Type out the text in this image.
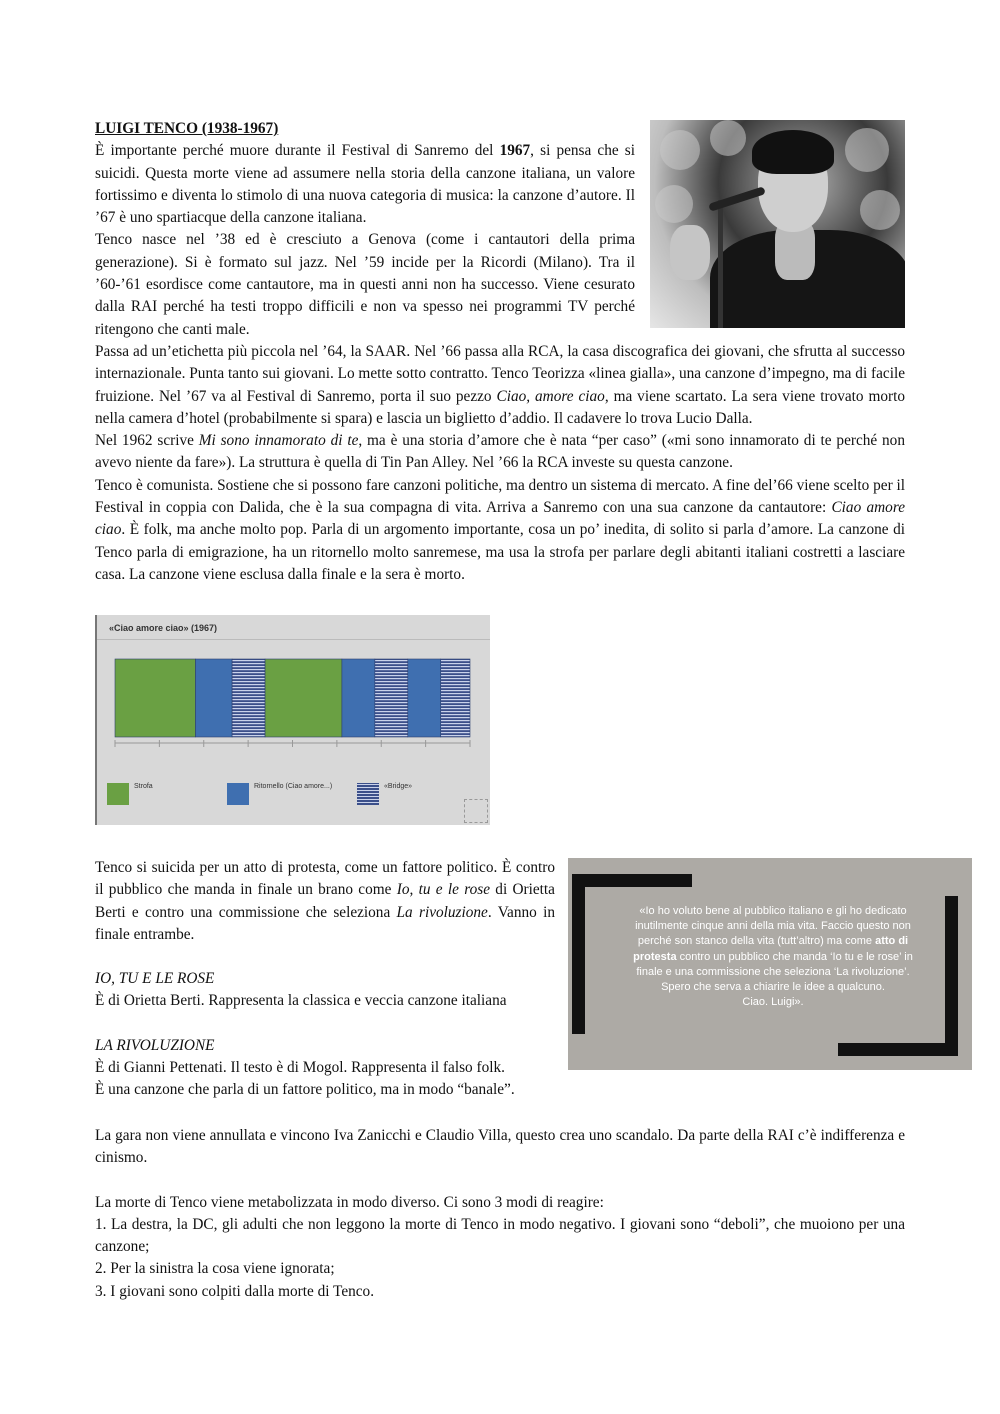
LUIGI TENCO (1938-1967)

È importante perché muore durante il Festival di Sanremo del 1967, si pensa che si suicidi. Questa morte viene ad assumere nella storia della canzone italiana, un valore fortissimo e diventa lo stimolo di una nuova categoria di musica: la canzone d’autore. Il ’67 è uno spartiacque della canzone italiana.

Tenco nasce nel ’38 ed è cresciuto a Genova (come i cantautori della prima generazione). Si è formato sul jazz. Nel ’59 incide per la Ricordi (Milano). Tra il ’60-’61 esordisce come cantautore, ma in questi anni non ha successo. Viene cesurato dalla RAI perché ha testi troppo difficili e non va spesso nei programmi TV perché ritengono che canti male.

Passa ad un’etichetta più piccola nel ’64, la SAAR. Nel ’66 passa alla RCA, la casa discografica dei giovani, che sfrutta al successo internazionale. Punta tanto sui giovani. Lo mette sotto contratto. Tenco Teorizza «linea gialla», una canzone d’impegno, ma di facile fruizione. Nel ’67 va al Festival di Sanremo, porta il suo pezzo Ciao, amore ciao, ma viene scartato. La sera viene trovato morto nella camera d’hotel (probabilmente si spara) e lascia un biglietto d’addio. Il cadavere lo trova Lucio Dalla.

Nel 1962 scrive Mi sono innamorato di te, ma è una storia d’amore che è nata “per caso” («mi sono innamorato di te perché non avevo niente da fare»). La struttura è quella di Tin Pan Alley. Nel ’66 la RCA investe su questa canzone.

Tenco è comunista. Sostiene che si possono fare canzoni politiche, ma dentro un sistema di mercato. A fine del’66 viene scelto per il Festival in coppia con Dalida, che è la sua compagna di vita. Arriva a Sanremo con una sua canzone da cantautore: Ciao amore ciao. È folk, ma anche molto pop. Parla di un argomento importante, cosa un po’ inedita, di solito si parla d’amore. La canzone di Tenco parla di emigrazione, ha un ritornello molto sanremese, ma usa la strofa per parlare degli abitanti italiani costretti a lasciare casa. La canzone viene esclusa dalla finale e la sera è morto.

«Ciao amore ciao» (1967)
Strofa	Ritornello (Ciao amore...)	«Bridge»

Tenco si suicida per un atto di protesta, come un fattore politico. È contro il pubblico che manda in finale un brano come Io, tu e le rose di Orietta Berti e contro una commissione che seleziona La rivoluzione. Vanno in finale entrambe.

IO, TU E LE ROSE

È di Orietta Berti. Rappresenta la classica e veccia canzone italiana

LA RIVOLUZIONE

È di Gianni Pettenati. Il testo è di Mogol. Rappresenta il falso folk.

È una canzone che parla di un fattore politico, ma in modo “banale”.

«Io ho voluto bene al pubblico italiano e gli ho dedicato inutilmente cinque anni della mia vita. Faccio questo non perché son stanco della vita (tutt’altro) ma come atto di protesta contro un pubblico che manda ‘Io tu e le rose’ in finale e una commissione che seleziona ‘La rivoluzione’. Spero che serva a chiarire le idee a qualcuno.
Ciao. Luigi».

La gara non viene annullata e vincono Iva Zanicchi e Claudio Villa, questo crea uno scandalo. Da parte della RAI c’è indifferenza e cinismo.

La morte di Tenco viene metabolizzata in modo diverso. Ci sono 3 modi di reagire:

1. La destra, la DC, gli adulti che non leggono la morte di Tenco in modo negativo. I giovani sono “deboli”, che muoiono per una canzone;

2. Per la sinistra la cosa viene ignorata;

3. I giovani sono colpiti dalla morte di Tenco.
